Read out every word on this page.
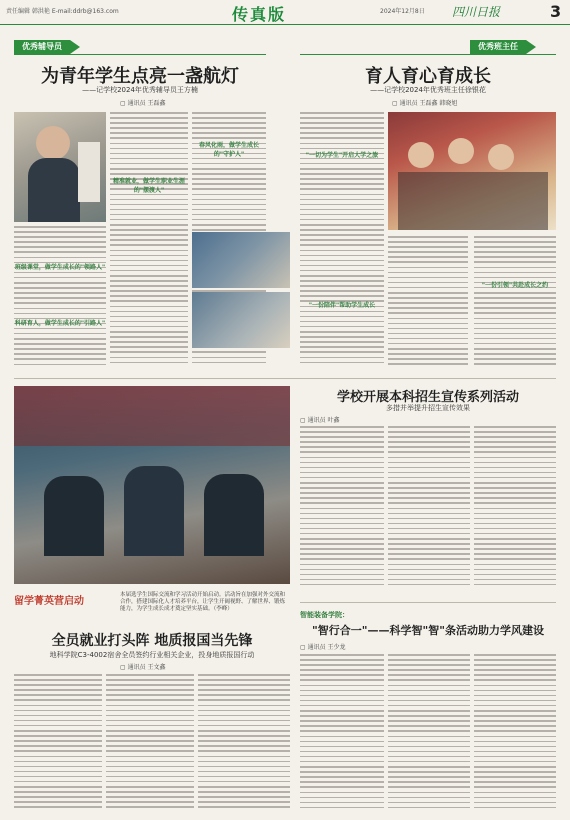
责任编辑 韩洪艳 E-mail:ddrb@163.com	传真版	2024年12月8日 四川日报	3
优秀辅导员
为青年学生点亮一盏航灯
——记学校2024年优秀辅导员王方楠
▢ 通讯员 王磊鑫
班级课堂，做学生成长的"领路人"
科研育人，做学生成长的"引路人"
精准就业，做学生职业生涯的"摆渡人"
春风化雨，做学生成长的"守护人"
优秀班主任
育人育心育成长
——记学校2024年优秀班主任徐银花
▢ 通讯员 王磊鑫 韩晓旭
"一切为学生"开启大学之旅
"一份陪伴"帮助学生成长
"一份引领"共赴成长之约
学校开展本科招生宣传系列活动
多措并举提升招生宣传效果
▢ 通讯员 叶鑫
留学菁英营启动
本届选学生国际交流和学习活动开始启动。活动旨在加强对外交流和合作，搭建国际化人才培养平台，让学生开阔视野、了解世界、锻炼能力，为学生成长成才奠定坚实基础。（李峰）
全员就业打头阵 地质报国当先锋
地科学院C3-4002宿舍全员签约行业相关企业，投身地质报国行动
▢ 通讯员 王文鑫
智能装备学院：
"智行合一"——科学智"智"条活动助力学风建设
▢ 通讯员 王少龙
